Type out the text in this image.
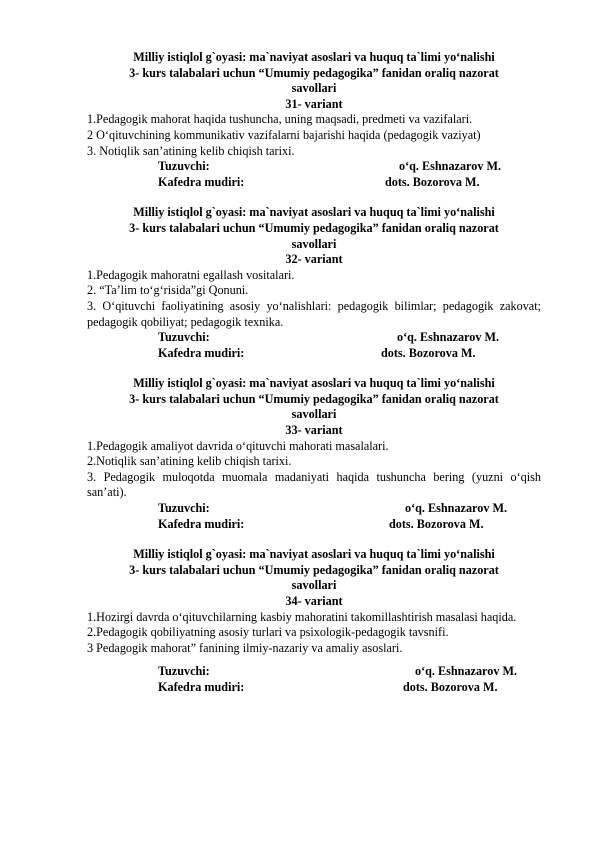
Milliy istiqlol g`oyasi: ma`naviyat asoslari va huquq ta`limi yo‘nalishi
3- kurs talabalari uchun “Umumiy pedagogika” fanidan oraliq nazorat
savollari
31- variant
1.Pedagogik mahorat haqida tushuncha, uning maqsadi, predmeti va vazifalari.
2 O‘qituvchining kommunikativ vazifalarni bajarishi haqida (pedagogik vaziyat)
3. Notiqlik san’atining kelib chiqish tarixi.
Tuzuvchi:	o‘q. Eshnazarov M.
Kafedra mudiri:	dots. Bozorova M.
Milliy istiqlol g`oyasi: ma`naviyat asoslari va huquq ta`limi yo‘nalishi
3- kurs talabalari uchun “Umumiy pedagogika” fanidan oraliq nazorat
savollari
32- variant
1.Pedagogik mahoratni egallash vositalari.
2. “Ta’lim to‘g‘risida”gi Qonuni.
3. O‘qituvchi faoliyatining asosiy yo‘nalishlari: pedagogik bilimlar; pedagogik zakovat; pedagogik qobiliyat; pedagogik texnika.
Tuzuvchi:	o‘q. Eshnazarov M.
Kafedra mudiri:	dots. Bozorova M.
Milliy istiqlol g`oyasi: ma`naviyat asoslari va huquq ta`limi yo‘nalishi
3- kurs talabalari uchun “Umumiy pedagogika” fanidan oraliq nazorat
savollari
33- variant
1.Pedagogik amaliyot davrida o‘qituvchi mahorati masalalari.
2.Notiqlik san’atining kelib chiqish tarixi.
3. Pedagogik muloqotda muomala madaniyati haqida tushuncha bering (yuzni o‘qish san’ati).
Tuzuvchi:	o‘q. Eshnazarov M.
Kafedra mudiri:	dots. Bozorova M.
Milliy istiqlol g`oyasi: ma`naviyat asoslari va huquq ta`limi yo‘nalishi
3- kurs talabalari uchun “Umumiy pedagogika” fanidan oraliq nazorat
savollari
34- variant
1.Hozirgi davrda o‘qituvchilarning kasbiy mahoratini takomillashtirish masalasi haqida.
2.Pedagogik qobiliyatning asosiy turlari va psixologik-pedagogik tavsnifi.
3 Pedagogik mahorat” fanining ilmiy-nazariy va amaliy asoslari.
Tuzuvchi:	o‘q. Eshnazarov M.
Kafedra mudiri:	dots. Bozorova M.
